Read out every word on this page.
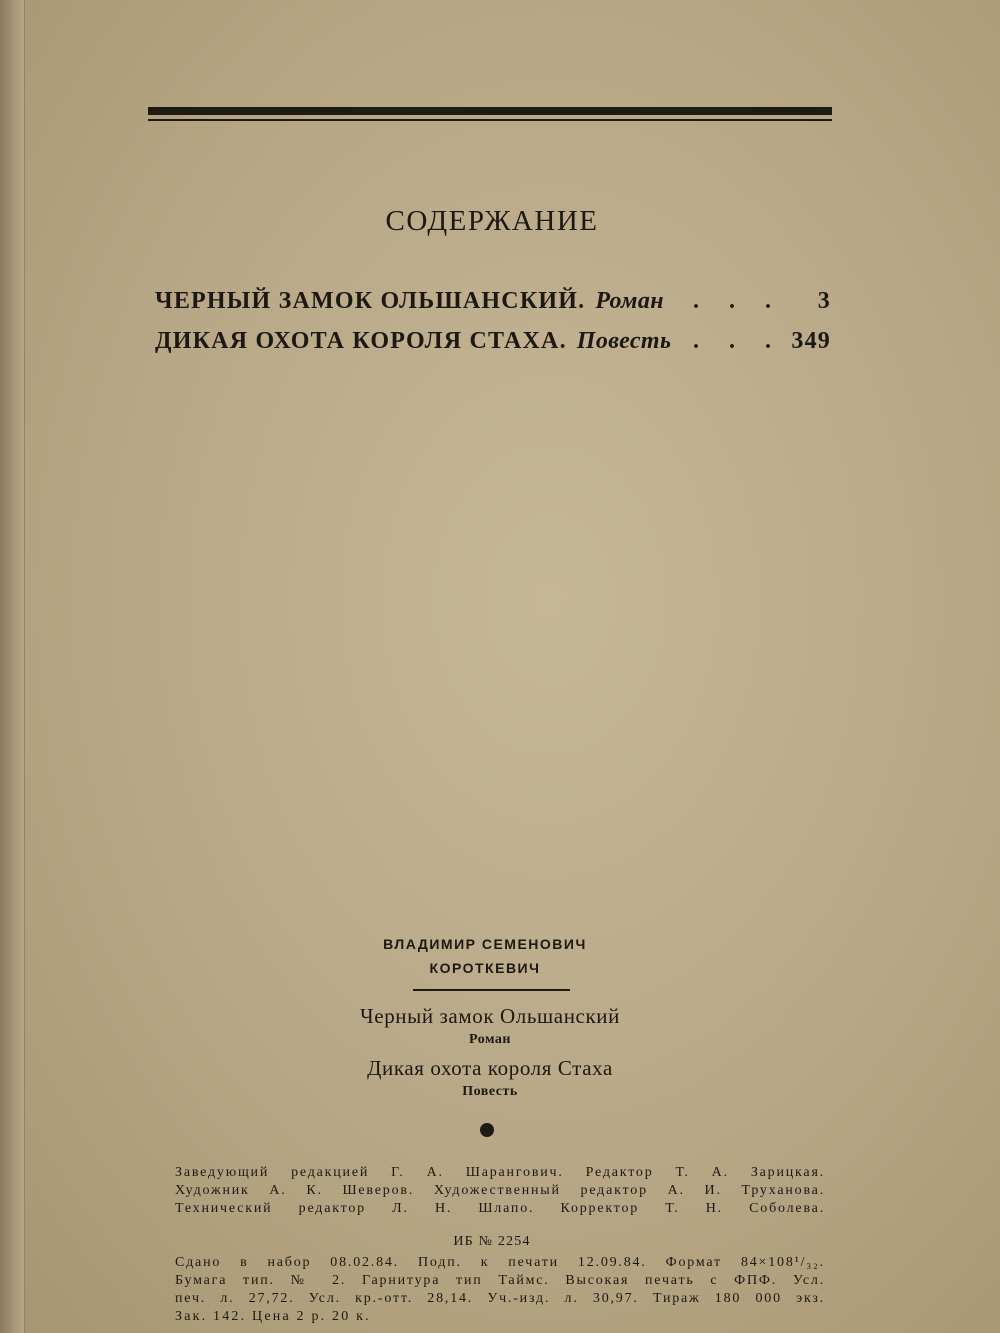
СОДЕРЖАНИЕ
ЧЕРНЫЙ ЗАМОК ОЛЬШАНСКИЙ. Роман	. . .	3
ДИКАЯ ОХОТА КОРОЛЯ СТАХА. Повесть . . . 349
ВЛАДИМИР СЕМЕНОВИЧ
КОРОТКЕВИЧ
Черный замок Ольшанский
Роман
Дикая охота короля Стаха
Повесть
Заведующий редакцией Г. А. Шарангович. Редактор Т. А. Зарицкая.
Художник А. К. Шеверов. Художественный редактор А. И. Труханова.
Технический редактор Л. Н. Шлапо. Корректор Т. Н. Соболева.
ИБ № 2254
Сдано в набор 08.02.84. Подп. к печати 12.09.84. Формат 84×108¹/₃₂.
Бумага тип. № 2. Гарнитура тип Таймс. Высокая печать с ФПФ. Усл.
печ. л. 27,72. Усл. кр.-отт. 28,14. Уч.-изд. л. 30,97. Тираж 180 000 экз.
Зак. 142. Цена 2 р. 20 к.
